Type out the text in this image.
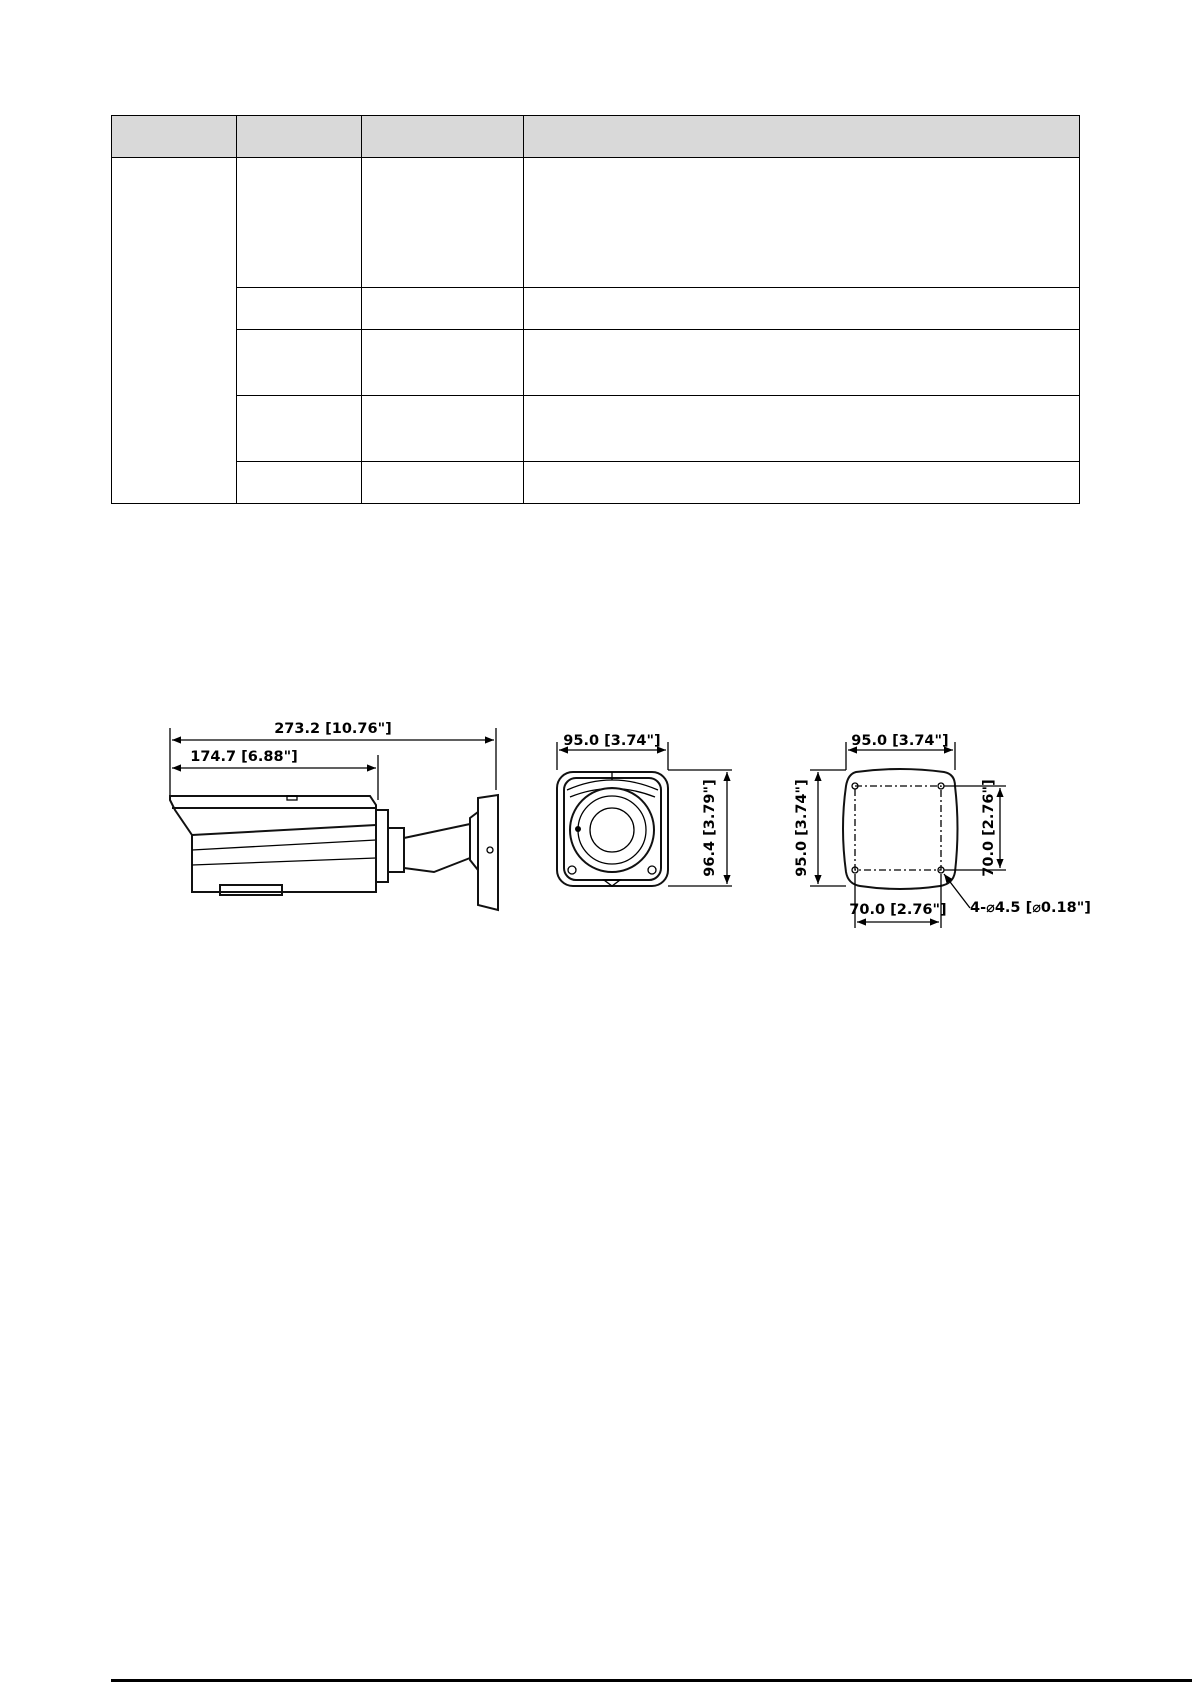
273.2 [10.76"]
174.7 [6.88"]
95.0 [3.74"]
96.4 [3.79"]
95.0 [3.74"]
95.0 [3.74"]	70.0 [2.76"]
70.0 [2.76"] 4-⌀4.5 [⌀0.18"]
